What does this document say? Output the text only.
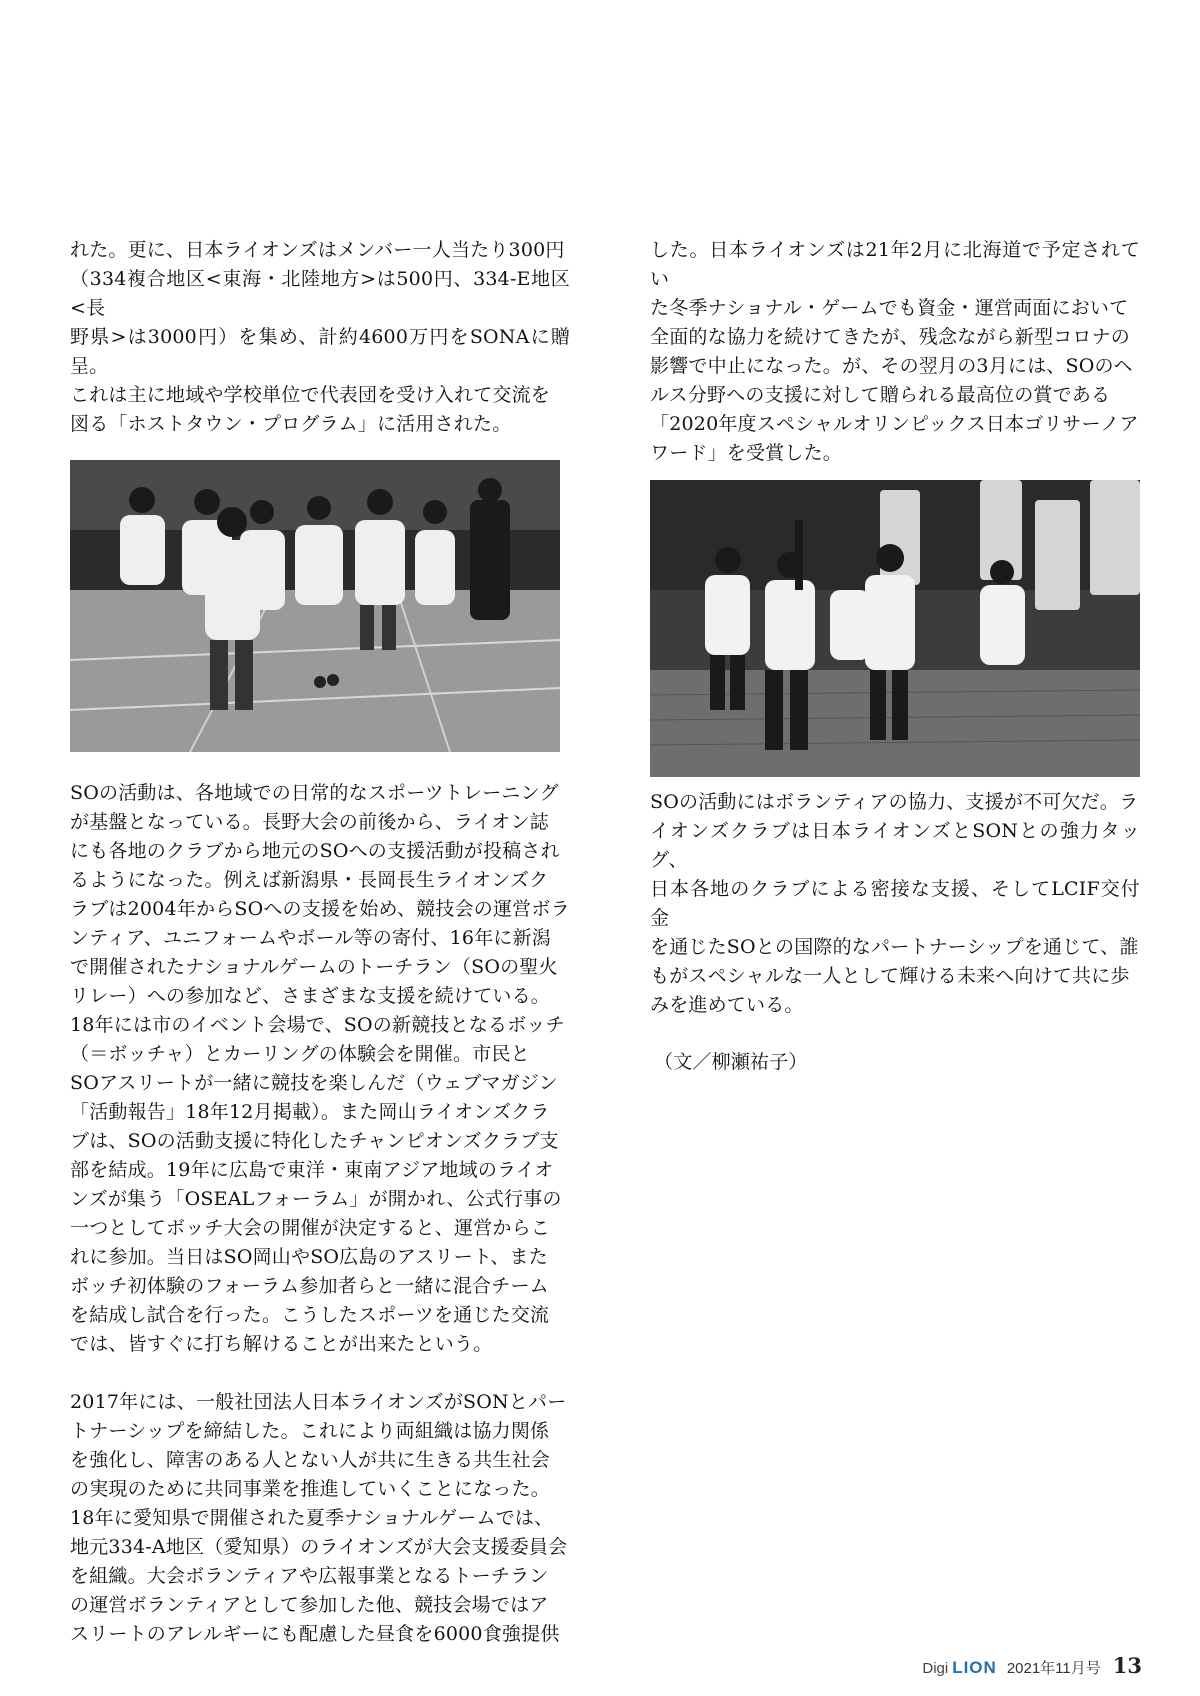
れた。更に、日本ライオンズはメンバー一人当たり300円
（334複合地区<東海・北陸地方>は500円、334-E地区<長
野県>は3000円）を集め、計約4600万円をSONAに贈呈。
これは主に地域や学校単位で代表団を受け入れて交流を
図る「ホストタウン・プログラム」に活用された。

SOの活動は、各地域での日常的なスポーツトレーニング
が基盤となっている。長野大会の前後から、ライオン誌
にも各地のクラブから地元のSOへの支援活動が投稿され
るようになった。例えば新潟県・長岡長生ライオンズク
ラブは2004年からSOへの支援を始め、競技会の運営ボラ
ンティア、ユニフォームやボール等の寄付、16年に新潟
で開催されたナショナルゲームのトーチラン（SOの聖火
リレー）への参加など、さまざまな支援を続けている。
18年には市のイベント会場で、SOの新競技となるボッチ
（＝ボッチャ）とカーリングの体験会を開催。市民と
SOアスリートが一緒に競技を楽しんだ（ウェブマガジン
「活動報告」18年12月掲載）。また岡山ライオンズクラ
ブは、SOの活動支援に特化したチャンピオンズクラブ支
部を結成。19年に広島で東洋・東南アジア地域のライオ
ンズが集う「OSEALフォーラム」が開かれ、公式行事の
一つとしてボッチ大会の開催が決定すると、運営からこ
れに参加。当日はSO岡山やSO広島のアスリート、また
ボッチ初体験のフォーラム参加者らと一緒に混合チーム
を結成し試合を行った。こうしたスポーツを通じた交流
では、皆すぐに打ち解けることが出来たという。

2017年には、一般社団法人日本ライオンズがSONとパー
トナーシップを締結した。これにより両組織は協力関係
を強化し、障害のある人とない人が共に生きる共生社会
の実現のために共同事業を推進していくことになった。
18年に愛知県で開催された夏季ナショナルゲームでは、
地元334-A地区（愛知県）のライオンズが大会支援委員会
を組織。大会ボランティアや広報事業となるトーチラン
の運営ボランティアとして参加した他、競技会場ではア
スリートのアレルギーにも配慮した昼食を6000食強提供

した。日本ライオンズは21年2月に北海道で予定されてい
た冬季ナショナル・ゲームでも資金・運営両面において
全面的な協力を続けてきたが、残念ながら新型コロナの
影響で中止になった。が、その翌月の3月には、SOのヘ
ルス分野への支援に対して贈られる最高位の賞である
「2020年度スペシャルオリンピックス日本ゴリサーノア
ワード」を受賞した。

SOの活動にはボランティアの協力、支援が不可欠だ。ラ
イオンズクラブは日本ライオンズとSONとの強力タッグ、
日本各地のクラブによる密接な支援、そしてLCIF交付金
を通じたSOとの国際的なパートナーシップを通じて、誰
もがスペシャルな一人として輝ける未来へ向けて共に歩
みを進めている。

（文／柳瀬祐子）

Digi LION 2021年11月号 13
